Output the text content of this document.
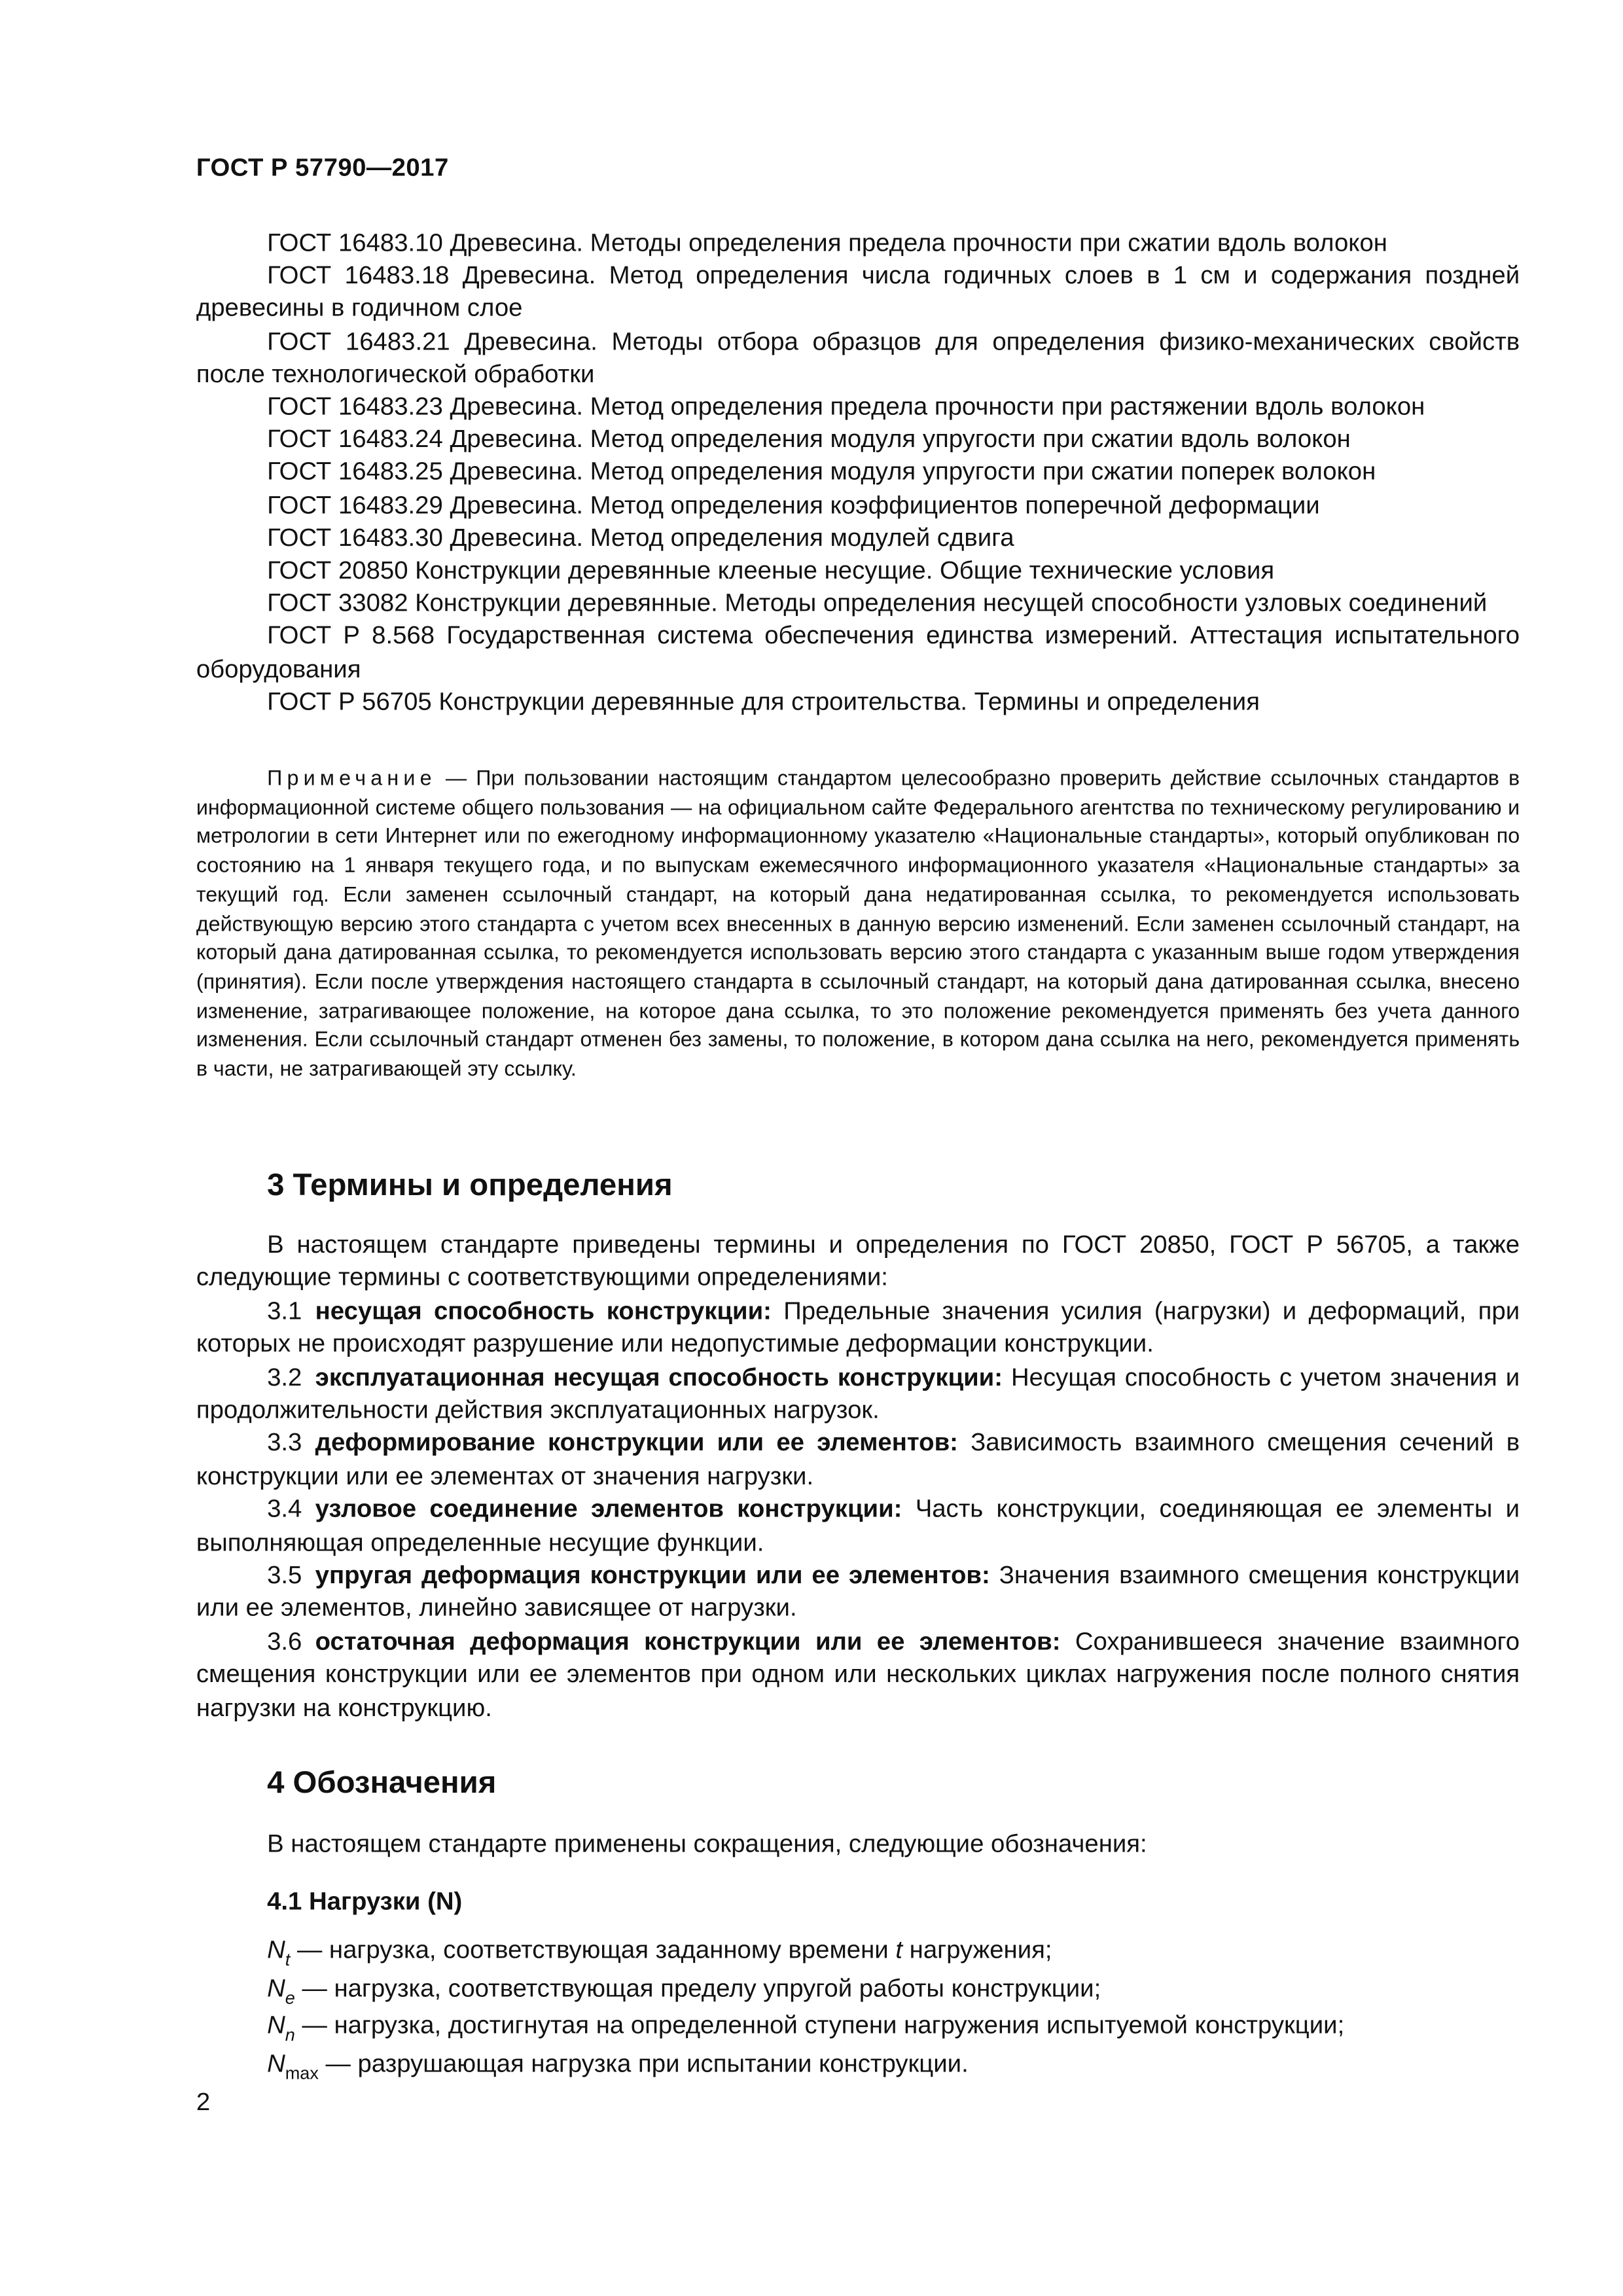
ГОСТ Р 57790—2017

ГОСТ 16483.10 Древесина. Методы определения предела прочности при сжатии вдоль волокон

ГОСТ 16483.18 Древесина. Метод определения числа годичных слоев в 1 см и содержания поздней древесины в годичном слое

ГОСТ 16483.21 Древесина. Методы отбора образцов для определения физико-механических свойств после технологической обработки

ГОСТ 16483.23 Древесина. Метод определения предела прочности при растяжении вдоль волокон

ГОСТ 16483.24 Древесина. Метод определения модуля упругости при сжатии вдоль волокон

ГОСТ 16483.25 Древесина. Метод определения модуля упругости при сжатии поперек волокон

ГОСТ 16483.29 Древесина. Метод определения коэффициентов поперечной деформации

ГОСТ 16483.30 Древесина. Метод определения модулей сдвига

ГОСТ 20850 Конструкции деревянные клееные несущие. Общие технические условия

ГОСТ 33082 Конструкции деревянные. Методы определения несущей способности узловых соединений

ГОСТ Р 8.568 Государственная система обеспечения единства измерений. Аттестация испытательного оборудования

ГОСТ Р 56705 Конструкции деревянные для строительства. Термины и определения

Примечание — При пользовании настоящим стандартом целесообразно проверить действие ссылочных стандартов в информационной системе общего пользования — на официальном сайте Федерального агентства по техническому регулированию и метрологии в сети Интернет или по ежегодному информационному указателю «Национальные стандарты», который опубликован по состоянию на 1 января текущего года, и по выпускам ежемесячного информационного указателя «Национальные стандарты» за текущий год. Если заменен ссылочный стандарт, на который дана недатированная ссылка, то рекомендуется использовать действующую версию этого стандарта с учетом всех внесенных в данную версию изменений. Если заменен ссылочный стандарт, на который дана датированная ссылка, то рекомендуется использовать версию этого стандарта с указанным выше годом утверждения (принятия). Если после утверждения настоящего стандарта в ссылочный стандарт, на который дана датированная ссылка, внесено изменение, затрагивающее положение, на которое дана ссылка, то это положение рекомендуется применять без учета данного изменения. Если ссылочный стандарт отменен без замены, то положение, в котором дана ссылка на него, рекомендуется применять в части, не затрагивающей эту ссылку.

3 Термины и определения

В настоящем стандарте приведены термины и определения по ГОСТ 20850, ГОСТ Р 56705, а также следующие термины с соответствующими определениями:

3.1 несущая способность конструкции: Предельные значения усилия (нагрузки) и деформаций, при которых не происходят разрушение или недопустимые деформации конструкции.

3.2 эксплуатационная несущая способность конструкции: Несущая способность с учетом значения и продолжительности действия эксплуатационных нагрузок.

3.3 деформирование конструкции или ее элементов: Зависимость взаимного смещения сечений в конструкции или ее элементах от значения нагрузки.

3.4 узловое соединение элементов конструкции: Часть конструкции, соединяющая ее элементы и выполняющая определенные несущие функции.

3.5 упругая деформация конструкции или ее элементов: Значения взаимного смещения конструкции или ее элементов, линейно зависящее от нагрузки.

3.6 остаточная деформация конструкции или ее элементов: Сохранившееся значение взаимного смещения конструкции или ее элементов при одном или нескольких циклах нагружения после полного снятия нагрузки на конструкцию.

4 Обозначения

В настоящем стандарте применены сокращения, следующие обозначения:

4.1 Нагрузки (N)

$N_t$ — нагрузка, соответствующая заданному времени t нагружения;

$N_e$ — нагрузка, соответствующая пределу упругой работы конструкции;

$N_n$ — нагрузка, достигнутая на определенной ступени нагружения испытуемой конструкции;

$N_{max}$ — разрушающая нагрузка при испытании конструкции.

2
